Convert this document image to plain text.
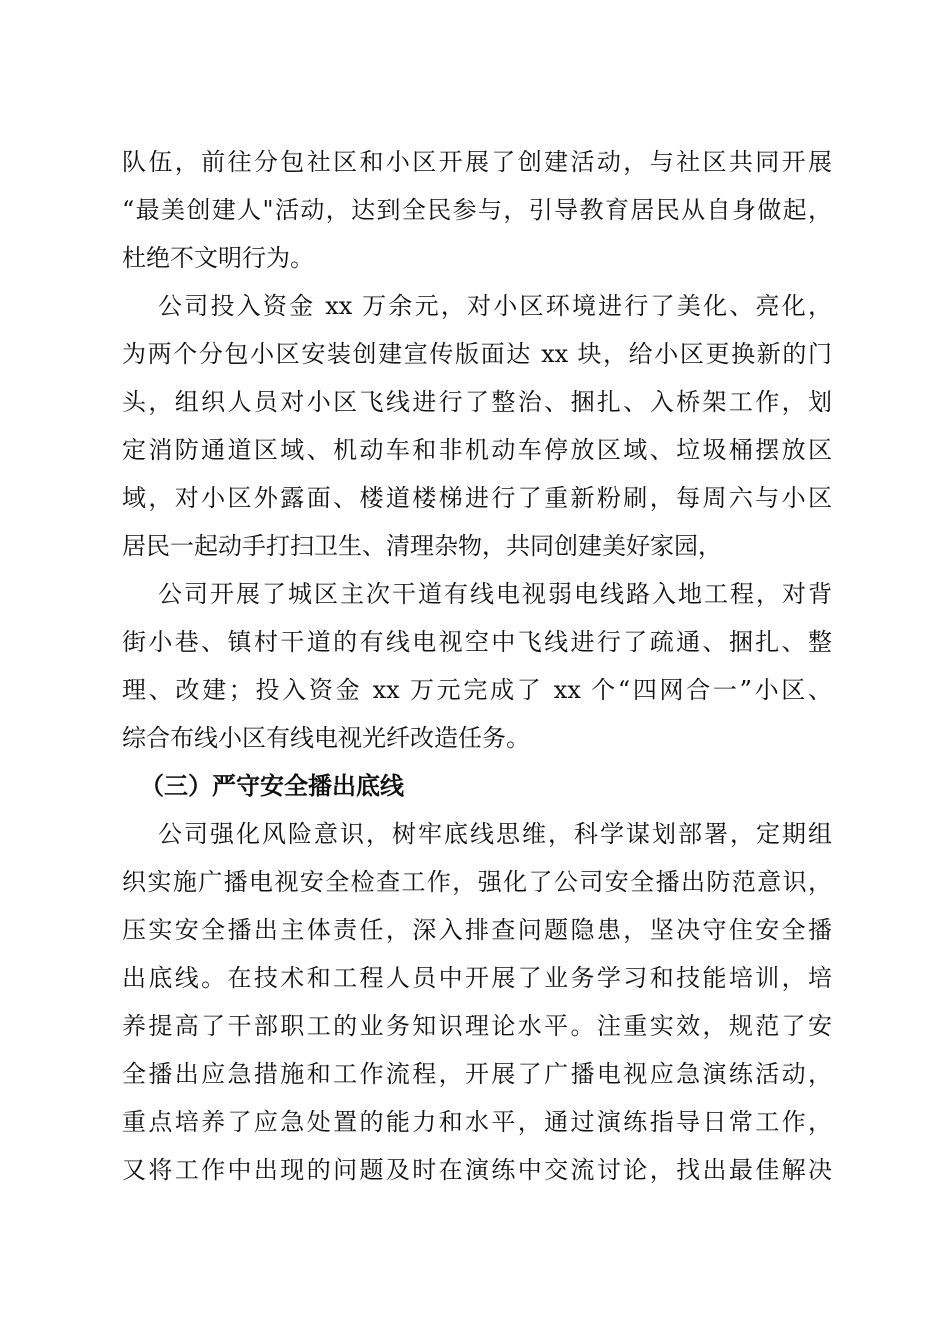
队伍，前往分包社区和小区开展了创建活动，与社区共同开展
“最美创建人"活动，达到全民参与，引导教育居民从自身做起，
杜绝不文明行为。
公司投入资金 xx 万余元，对小区环境进行了美化、亮化，
为两个分包小区安装创建宣传版面达 xx 块，给小区更换新的门
头，组织人员对小区飞线进行了整治、捆扎、入桥架工作，划
定消防通道区域、机动车和非机动车停放区域、垃圾桶摆放区
域，对小区外露面、楼道楼梯进行了重新粉刷，每周六与小区
居民一起动手打扫卫生、清理杂物，共同创建美好家园，
公司开展了城区主次干道有线电视弱电线路入地工程，对背
街小巷、镇村干道的有线电视空中飞线进行了疏通、捆扎、整
理、改建；投入资金 xx 万元完成了 xx 个“四网合一”小区、
综合布线小区有线电视光纤改造任务。
（三）严守安全播出底线
公司强化风险意识，树牢底线思维，科学谋划部署，定期组
织实施广播电视安全检查工作，强化了公司安全播出防范意识，
压实安全播出主体责任，深入排查问题隐患，坚决守住安全播
出底线。在技术和工程人员中开展了业务学习和技能培训，培
养提高了干部职工的业务知识理论水平。注重实效，规范了安
全播出应急措施和工作流程，开展了广播电视应急演练活动，
重点培养了应急处置的能力和水平，通过演练指导日常工作，
又将工作中出现的问题及时在演练中交流讨论，找出最佳解决
